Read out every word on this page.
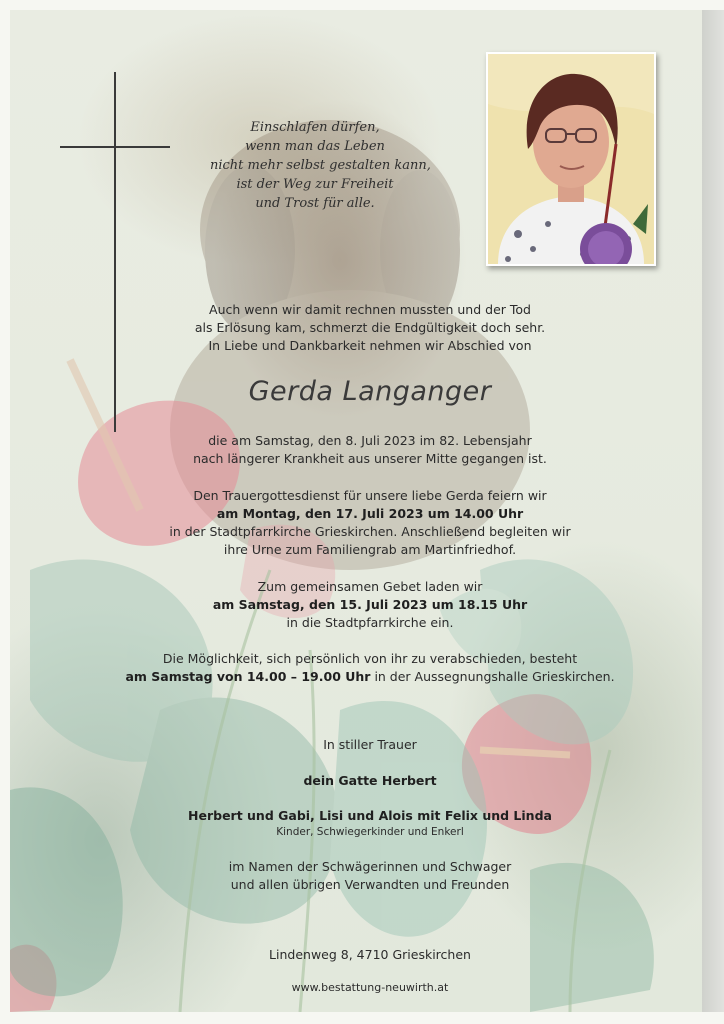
Einschlafen dürfen,
wenn man das Leben
nicht mehr selbst gestalten kann,
ist der Weg zur Freiheit
und Trost für alle.
Auch wenn wir damit rechnen mussten und der Tod
als Erlösung kam, schmerzt die Endgültigkeit doch sehr.
In Liebe und Dankbarkeit nehmen wir Abschied von
Gerda Langanger
die am Samstag, den 8. Juli 2023 im 82. Lebensjahr
nach längerer Krankheit aus unserer Mitte gegangen ist.
Den Trauergottesdienst für unsere liebe Gerda feiern wir
am Montag, den 17. Juli 2023 um 14.00 Uhr
in der Stadtpfarrkirche Grieskirchen. Anschließend begleiten wir
ihre Urne zum Familiengrab am Martinfriedhof.
Zum gemeinsamen Gebet laden wir
am Samstag, den 15. Juli 2023 um 18.15 Uhr
in die Stadtpfarrkirche ein.
Die Möglichkeit, sich persönlich von ihr zu verabschieden, besteht
am Samstag von 14.00 – 19.00 Uhr in der Aussegnungshalle Grieskirchen.
In stiller Trauer
dein Gatte Herbert
Herbert und Gabi, Lisi und Alois mit Felix und Linda
Kinder, Schwiegerkinder und Enkerl
im Namen der Schwägerinnen und Schwager
und allen übrigen Verwandten und Freunden
Lindenweg 8, 4710 Grieskirchen
www.bestattung-neuwirth.at
